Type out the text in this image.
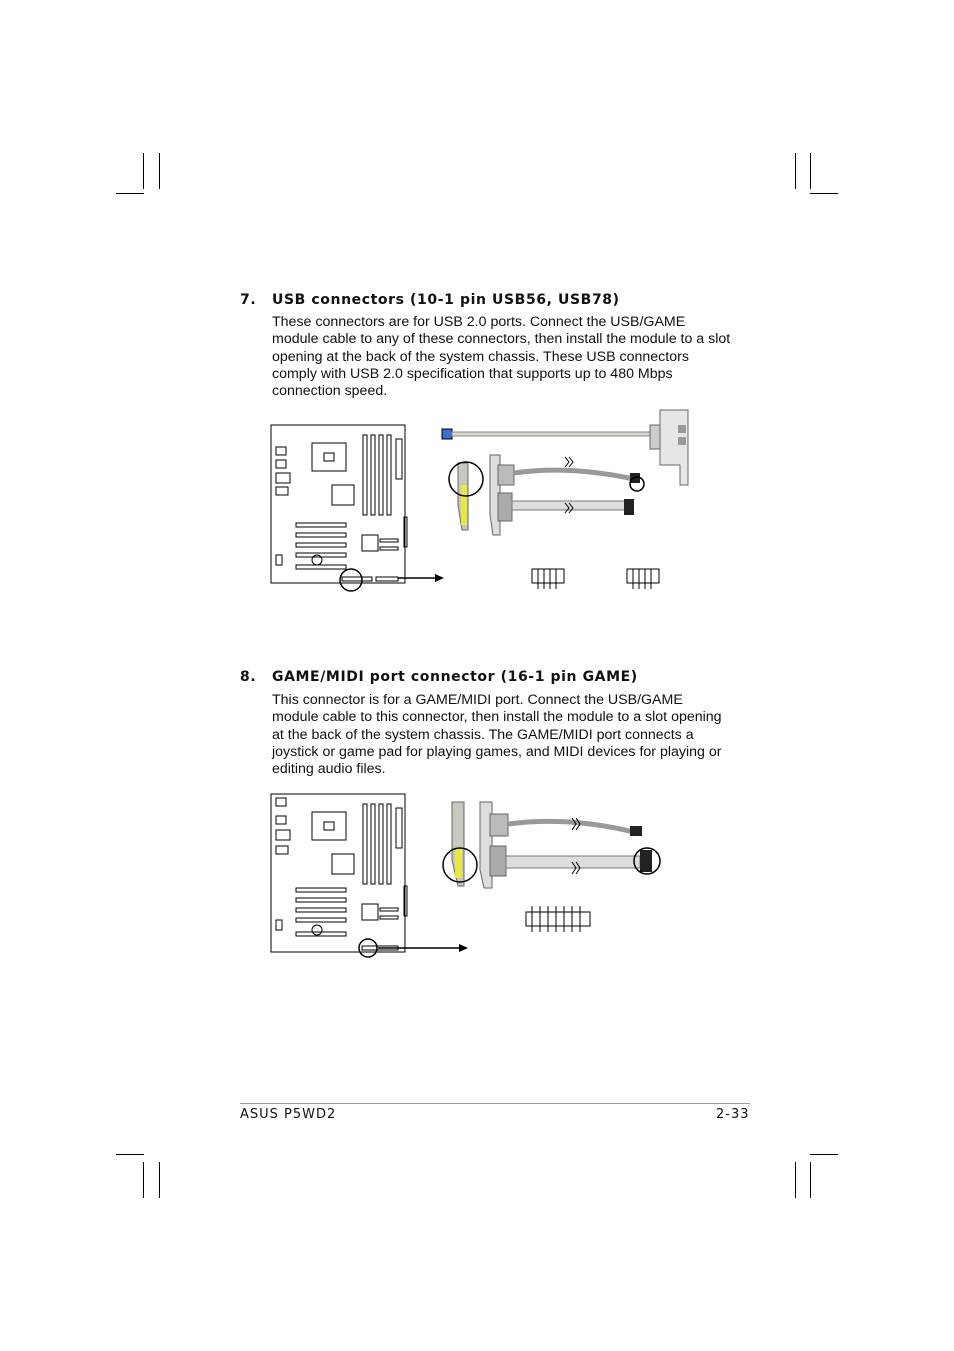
7. USB connectors (10-1 pin USB56, USB78)
These connectors are for USB 2.0 ports. Connect the USB/GAME module cable to any of these connectors, then install the module to a slot opening at the back of the system chassis. These USB connectors comply with USB 2.0 specification that supports up to 480 Mbps connection speed.
8. GAME/MIDI port connector (16-1 pin GAME)
This connector is for a GAME/MIDI port. Connect the USB/GAME module cable to this connector, then install the module to a slot opening at the back of the system chassis. The GAME/MIDI port connects a joystick or game pad for playing games, and MIDI devices for playing or editing audio files.
ASUS P5WD2	2-33
